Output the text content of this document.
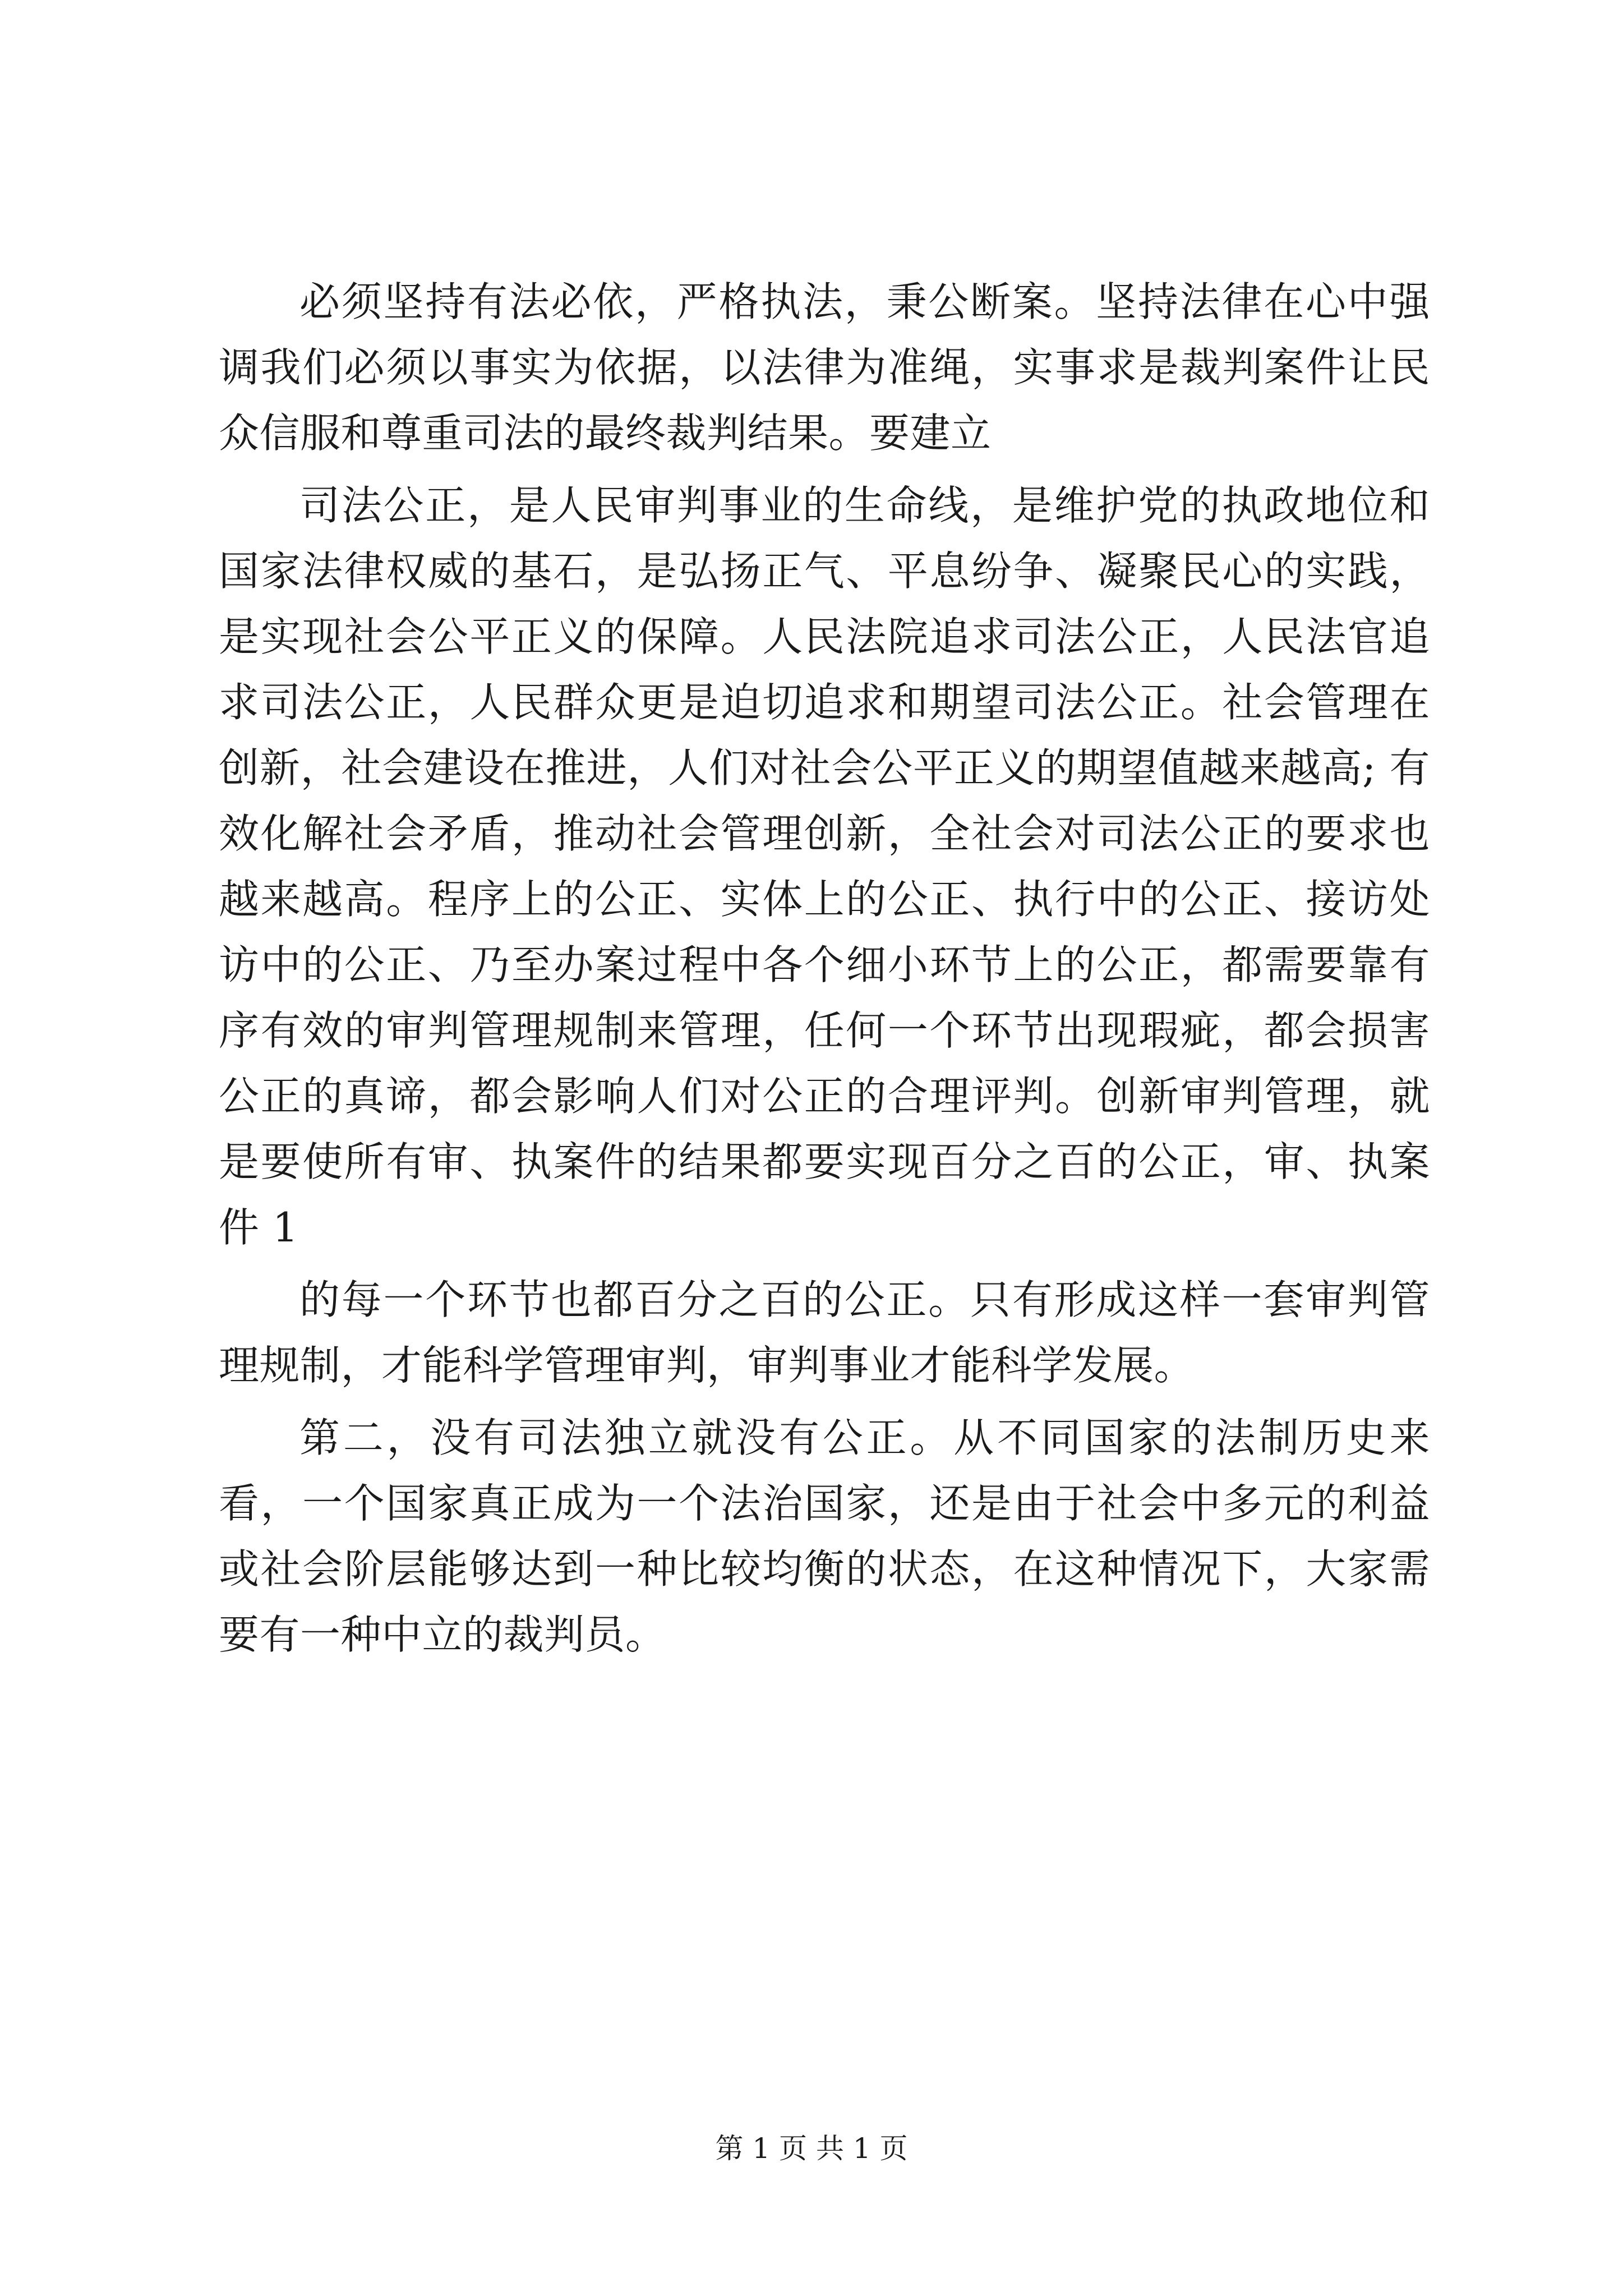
必须坚持有法必依，严格执法，秉公断案。坚持法律在心中强调我们必须以事实为依据，以法律为准绳，实事求是裁判案件让民众信服和尊重司法的最终裁判结果。要建立

司法公正，是人民审判事业的生命线，是维护党的执政地位和国家法律权威的基石，是弘扬正气、平息纷争、凝聚民心的实践，是实现社会公平正义的保障。人民法院追求司法公正，人民法官追求司法公正，人民群众更是迫切追求和期望司法公正。社会管理在创新，社会建设在推进，人们对社会公平正义的期望值越来越高; 有效化解社会矛盾，推动社会管理创新，全社会对司法公正的要求也越来越高。程序上的公正、实体上的公正、执行中的公正、接访处访中的公正、乃至办案过程中各个细小环节上的公正，都需要靠有序有效的审判管理规制来管理，任何一个环节出现瑕疵，都会损害公正的真谛，都会影响人们对公正的合理评判。创新审判管理，就是要使所有审、执案件的结果都要实现百分之百的公正，审、执案件 1

的每一个环节也都百分之百的公正。只有形成这样一套审判管理规制，才能科学管理审判，审判事业才能科学发展。

第二，没有司法独立就没有公正。从不同国家的法制历史来看，一个国家真正成为一个法治国家，还是由于社会中多元的利益或社会阶层能够达到一种比较均衡的状态，在这种情况下，大家需要有一种中立的裁判员。

第 1 页 共 1 页
